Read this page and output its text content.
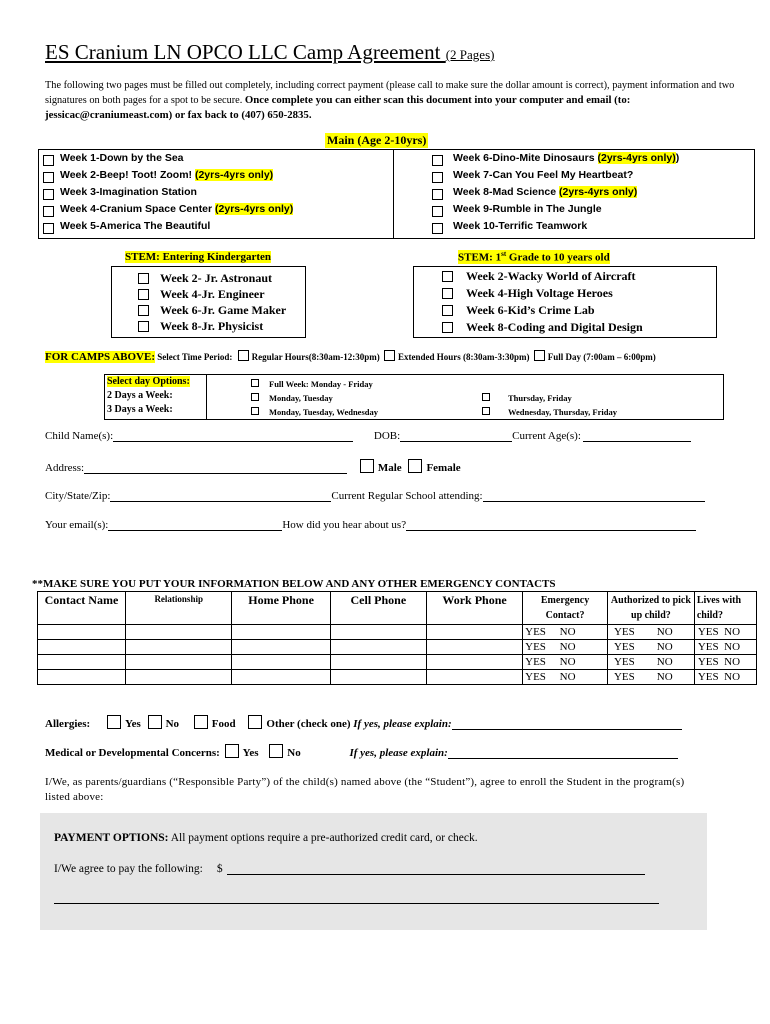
ES Cranium LN OPCO LLC Camp Agreement (2 Pages)
The following two pages must be filled out completely, including correct payment (please call to make sure the dollar amount is correct), payment information and two signatures on both pages for a spot to be secure. Once complete you can either scan this document into your computer and email (to: jessicac@craniumeast.com) or fax back to (407) 650-2835.
Main (Age 2-10yrs)
Week 1-Down by the Sea
Week 2-Beep! Toot! Zoom! (2yrs-4yrs only)
Week 3-Imagination Station
Week 4-Cranium Space Center (2yrs-4yrs only)
Week 5-America The Beautiful
Week 6-Dino-Mite Dinosaurs (2yrs-4yrs only))
Week 7-Can You Feel My Heartbeat?
Week 8-Mad Science (2yrs-4yrs only)
Week 9-Rumble in The Jungle
Week 10-Terrific Teamwork
STEM: Entering Kindergarten
Week 2- Jr. Astronaut
Week 4-Jr. Engineer
Week 6-Jr. Game Maker
Week 8-Jr. Physicist
STEM: 1st Grade to 10 years old
Week 2-Wacky World of Aircraft
Week 4-High Voltage Heroes
Week 6-Kid’s Crime Lab
Week 8-Coding and Digital Design
FOR CAMPS ABOVE: Select Time Period: Regular Hours(8:30am-12:30pm) Extended Hours (8:30am-3:30pm) Full Day (7:00am – 6:00pm)
Select day Options:
2 Days a Week:
3 Days a Week:
Full Week: Monday - Friday
Monday, Tuesday
Monday, Tuesday, Wednesday
Thursday, Friday
Wednesday, Thursday, Friday
Child Name(s):	DOB:	Current Age(s):
Address:	Male Female
City/State/Zip:	Current Regular School attending:
Your email(s):	How did you hear about us?
**MAKE SURE YOU PUT YOUR INFORMATION BELOW AND ANY OTHER EMERGENCY CONTACTS
Contact Name	Relationship	Home Phone	Cell Phone	Work Phone	Emergency Contact?	Authorized to pick up child?	Lives with child?
					YES NO	YES NO	YES NO
					YES NO	YES NO	YES NO
					YES NO	YES NO	YES NO
					YES NO	YES NO	YES NO
Allergies:	Yes No	Food	Other (check one) If yes, please explain:
Medical or Developmental Concerns: Yes	No	If yes, please explain:
I/We, as parents/guardians (“Responsible Party”) of the child(s) named above (the “Student”), agree to enroll the Student in the program(s) listed above:
PAYMENT OPTIONS: All payment options require a pre-authorized credit card, or check.
I/We agree to pay the following: $
